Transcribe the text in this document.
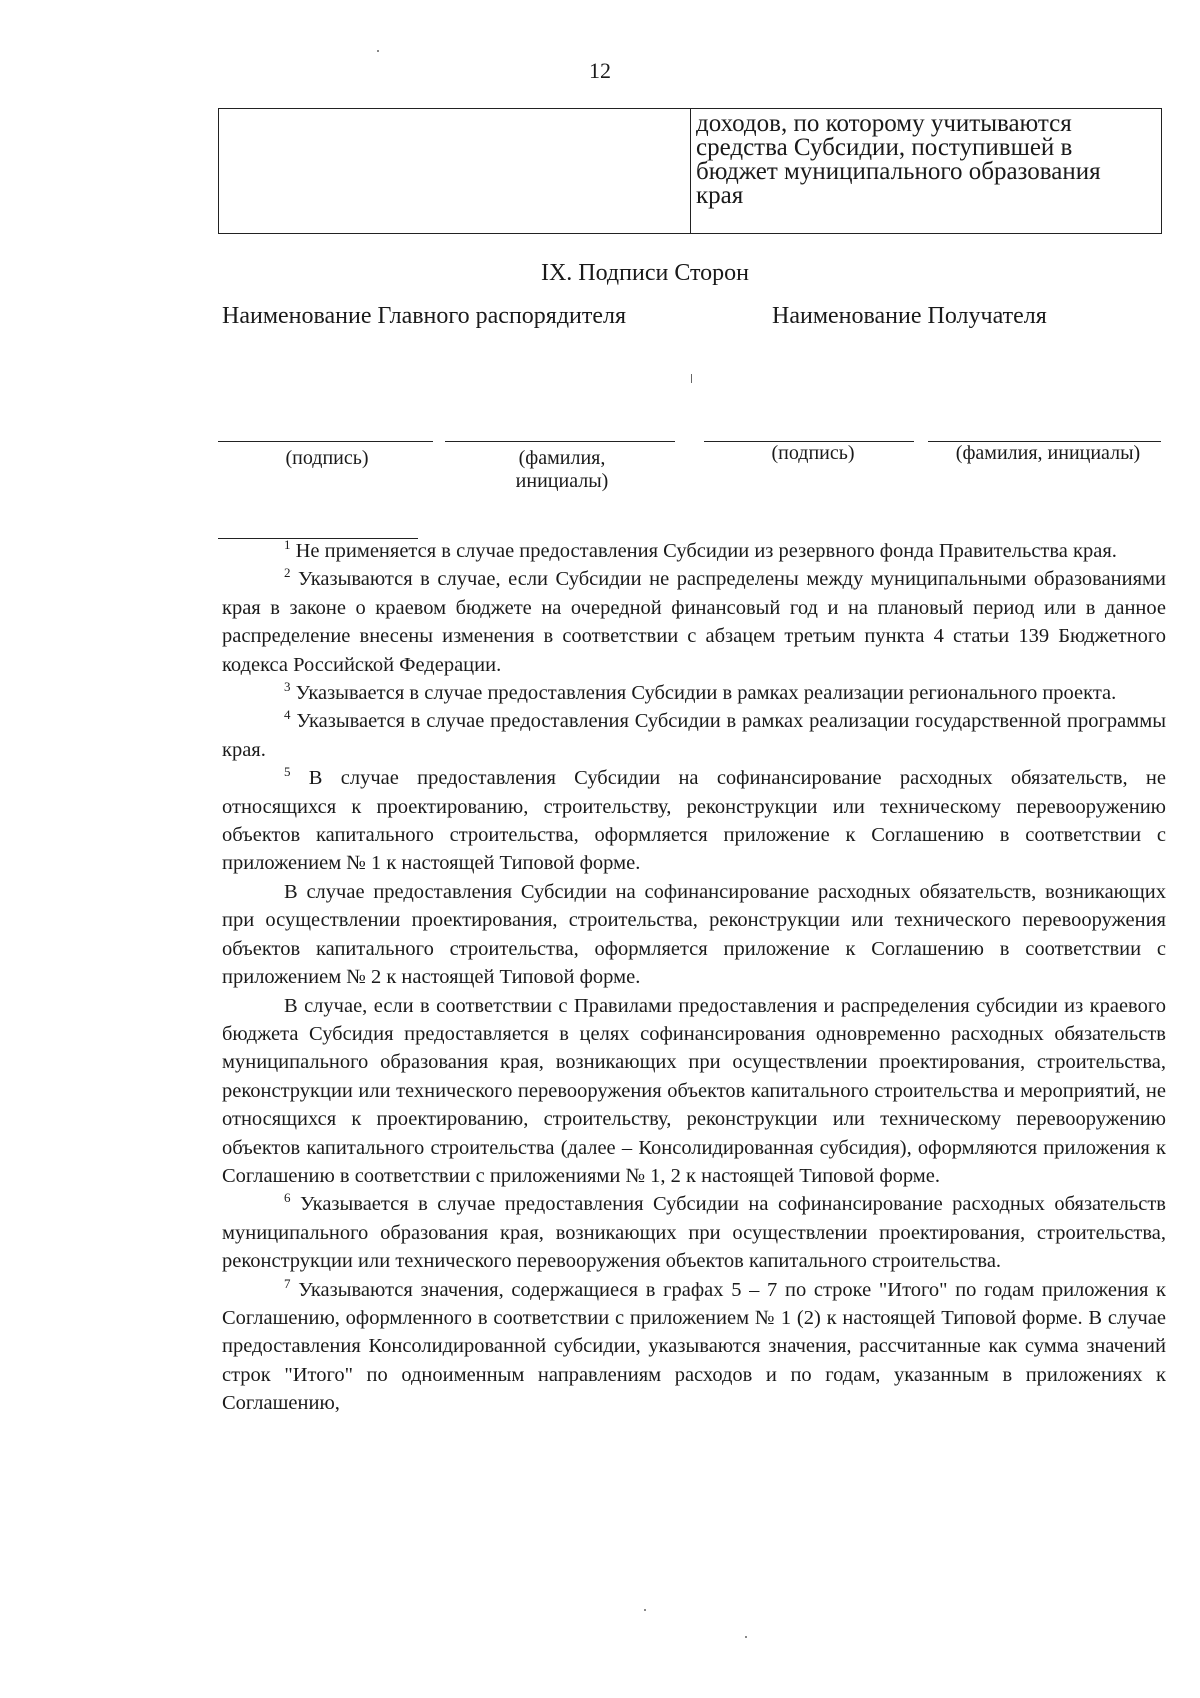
12
доходов, по которому учитываются
средства Субсидии, поступившей в
бюджет муниципального образования
края
IX. Подписи Сторон
Наименование Главного распорядителя	Наименование Получателя
(подпись)	(фамилия,
инициалы)
(подпись)	(фамилия, инициалы)

$^1$ Не применяется в случае предоставления Субсидии из резервного фонда Правительства края.

$^2$ Указываются в случае, если Субсидии не распределены между муниципальными образованиями края в законе о краевом бюджете на очередной финансовый год и на плановый период или в данное распределение внесены изменения в соответствии с абзацем третьим пункта 4 статьи 139 Бюджетного кодекса Российской Федерации.

$^3$ Указывается в случае предоставления Субсидии в рамках реализации регионального проекта.

$^4$ Указывается в случае предоставления Субсидии в рамках реализации государственной программы края.

$^5$ В случае предоставления Субсидии на софинансирование расходных обязательств, не относящихся к проектированию, строительству, реконструкции или техническому перевооружению объектов капитального строительства, оформляется приложение к Соглашению в соответствии с приложением № 1 к настоящей Типовой форме.

В случае предоставления Субсидии на софинансирование расходных обязательств, возникающих при осуществлении проектирования, строительства, реконструкции или технического перевооружения объектов капитального строительства, оформляется приложение к Соглашению в соответствии с приложением № 2 к настоящей Типовой форме.

В случае, если в соответствии с Правилами предоставления и распределения субсидии из краевого бюджета Субсидия предоставляется в целях софинансирования одновременно расходных обязательств муниципального образования края, возникающих при осуществлении проектирования, строительства, реконструкции или технического перевооружения объектов капитального строительства и мероприятий, не относящихся к проектированию, строительству, реконструкции или техническому перевооружению объектов капитального строительства (далее – Консолидированная субсидия), оформляются приложения к Соглашению в соответствии с приложениями № 1, 2 к настоящей Типовой форме.

$^6$ Указывается в случае предоставления Субсидии на софинансирование расходных обязательств муниципального образования края, возникающих при осуществлении проектирования, строительства, реконструкции или технического перевооружения объектов капитального строительства.

$^7$ Указываются значения, содержащиеся в графах 5 – 7 по строке "Итого" по годам приложения к Соглашению, оформленного в соответствии с приложением № 1 (2) к настоящей Типовой форме. В случае предоставления Консолидированной субсидии, указываются значения, рассчитанные как сумма значений строк "Итого" по одноименным направлениям расходов и по годам, указанным в приложениях к Соглашению,
